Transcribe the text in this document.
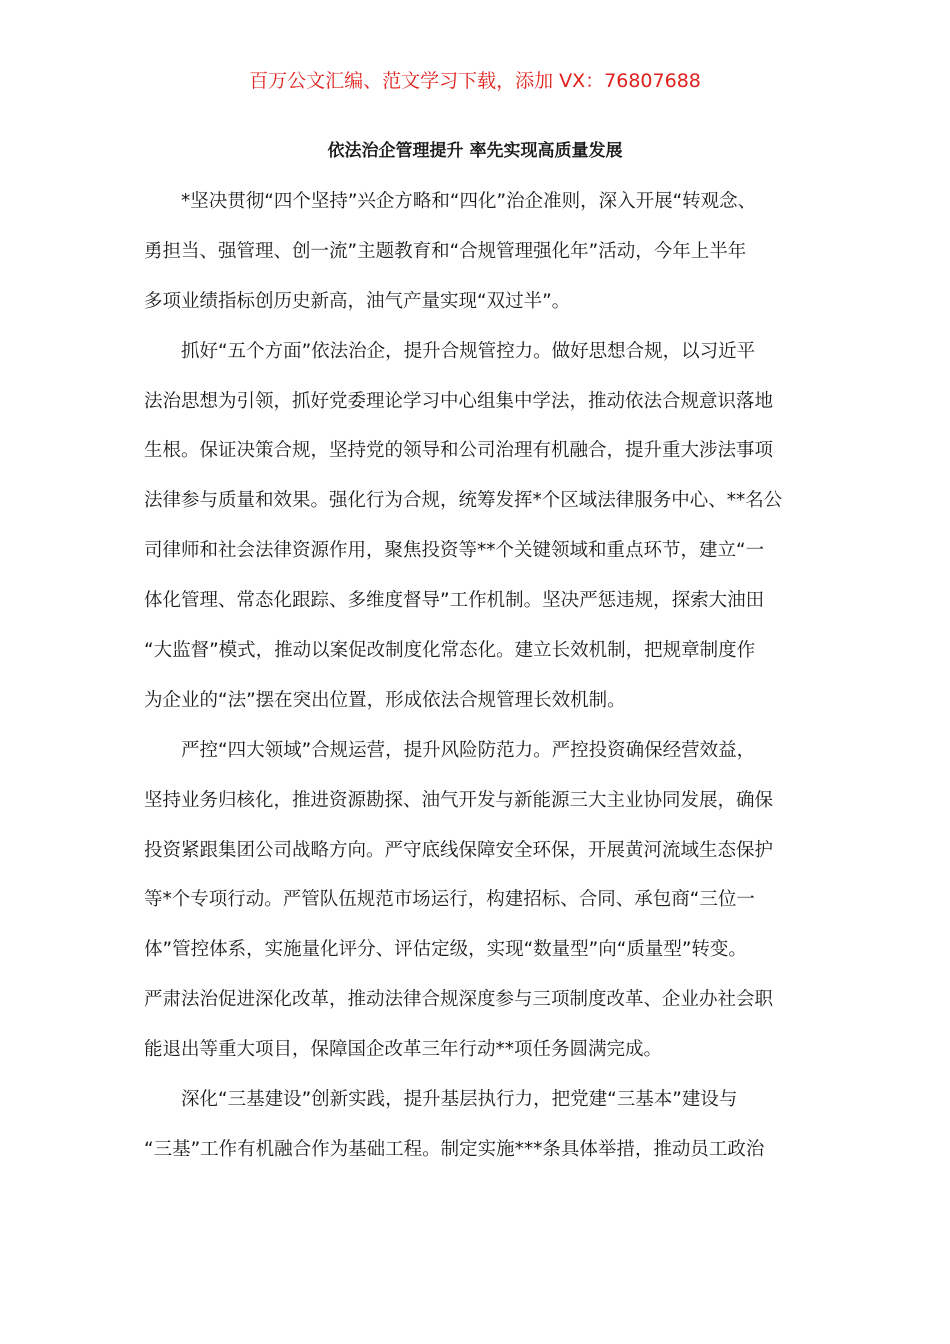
百万公文汇编、范文学习下载，添加 VX：76807688
依法治企管理提升 率先实现高质量发展
　　*坚决贯彻“四个坚持”兴企方略和“四化”治企准则，深入开展“转观念、
勇担当、强管理、创一流”主题教育和“合规管理强化年”活动，今年上半年
多项业绩指标创历史新高，油气产量实现“双过半”。
　　抓好“五个方面”依法治企，提升合规管控力。做好思想合规，以习近平
法治思想为引领，抓好党委理论学习中心组集中学法，推动依法合规意识落地
生根。保证决策合规，坚持党的领导和公司治理有机融合，提升重大涉法事项
法律参与质量和效果。强化行为合规，统筹发挥*个区域法律服务中心、**名公
司律师和社会法律资源作用，聚焦投资等**个关键领域和重点环节，建立“一
体化管理、常态化跟踪、多维度督导”工作机制。坚决严惩违规，探索大油田
“大监督”模式，推动以案促改制度化常态化。建立长效机制，把规章制度作
为企业的“法”摆在突出位置，形成依法合规管理长效机制。
　　严控“四大领域”合规运营，提升风险防范力。严控投资确保经营效益，
坚持业务归核化，推进资源勘探、油气开发与新能源三大主业协同发展，确保
投资紧跟集团公司战略方向。严守底线保障安全环保，开展黄河流域生态保护
等*个专项行动。严管队伍规范市场运行，构建招标、合同、承包商“三位一
体”管控体系，实施量化评分、评估定级，实现“数量型”向“质量型”转变。
严肃法治促进深化改革，推动法律合规深度参与三项制度改革、企业办社会职
能退出等重大项目，保障国企改革三年行动**项任务圆满完成。
　　深化“三基建设”创新实践，提升基层执行力，把党建“三基本”建设与
“三基”工作有机融合作为基础工程。制定实施***条具体举措，推动员工政治
